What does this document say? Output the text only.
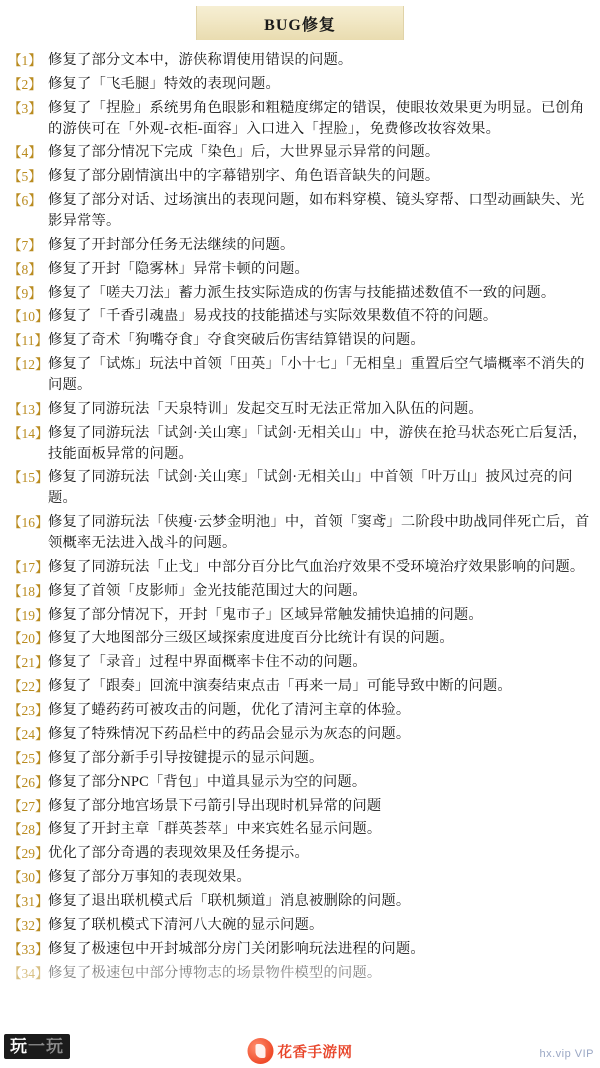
BUG修复
【1】 修复了部分文本中，游侠称谓使用错误的问题。
【2】 修复了「飞毛腿」特效的表现问题。
【3】 修复了「捏脸」系统男角色眼影和粗糙度绑定的错误，使眼妆效果更为明显。已创角的游侠可在「外观-衣柜-面容」入口进入「捏脸」，免费修改妆容效果。
【4】 修复了部分情况下完成「染色」后，大世界显示异常的问题。
【5】 修复了部分剧情演出中的字幕错别字、角色语音缺失的问题。
【6】 修复了部分对话、过场演出的表现问题，如布料穿模、镜头穿帮、口型动画缺失、光影异常等。
【7】 修复了开封部分任务无法继续的问题。
【8】 修复了开封「隐雾林」异常卡顿的问题。
【9】 修复了「嗟夫刀法」蓄力派生技实际造成的伤害与技能描述数值不一致的问题。
【10】 修复了「千香引魂蛊」易戎技的技能描述与实际效果数值不符的问题。
【11】 修复了奇术「狗嘴夺食」夺食突破后伤害结算错误的问题。
【12】 修复了「试炼」玩法中首领「田英」「小十七」「无相皇」重置后空气墙概率不消失的问题。
【13】 修复了同游玩法「天泉特训」发起交互时无法正常加入队伍的问题。
【14】 修复了同游玩法「试剑·关山寒」「试剑·无相关山」中，游侠在抢马状态死亡后复活，技能面板异常的问题。
【15】 修复了同游玩法「试剑·关山寒」「试剑·无相关山」中首领「叶万山」披风过亮的问题。
【16】 修复了同游玩法「侠瘦·云梦金明池」中，首领「窦鸢」二阶段中助战同伴死亡后，首领概率无法进入战斗的问题。
【17】 修复了同游玩法「止戈」中部分百分比气血治疗效果不受环境治疗效果影响的问题。
【18】 修复了首领「皮影师」金光技能范围过大的问题。
【19】 修复了部分情况下，开封「鬼市子」区域异常触发捕快追捕的问题。
【20】 修复了大地图部分三级区域探索度进度百分比统计有误的问题。
【21】 修复了「录音」过程中界面概率卡住不动的问题。
【22】 修复了「跟奏」回流中演奏结束点击「再来一局」可能导致中断的问题。
【23】 修复了蜷药药可被攻击的问题，优化了清河主章的体验。
【24】 修复了特殊情况下药品栏中的药品会显示为灰态的问题。
【25】 修复了部分新手引导按键提示的显示问题。
【26】 修复了部分NPC「背包」中道具显示为空的问题。
【27】 修复了部分地宫场景下弓箭引导出现时机异常的问题
【28】 修复了开封主章「群英荟萃」中来宾姓名显示问题。
【29】 优化了部分奇遇的表现效果及任务提示。
【30】 修复了部分万事知的表现效果。
【31】 修复了退出联机模式后「联机频道」消息被删除的问题。
【32】 修复了联机模式下清河八大碗的显示问题。
【33】 修复了极速包中开封城部分房门关闭影响玩法进程的问题。
【34】 修复了极速包中部分博物志的场景物件模型的问题。
玩一玩	花香手游网	hx.vip VIP
